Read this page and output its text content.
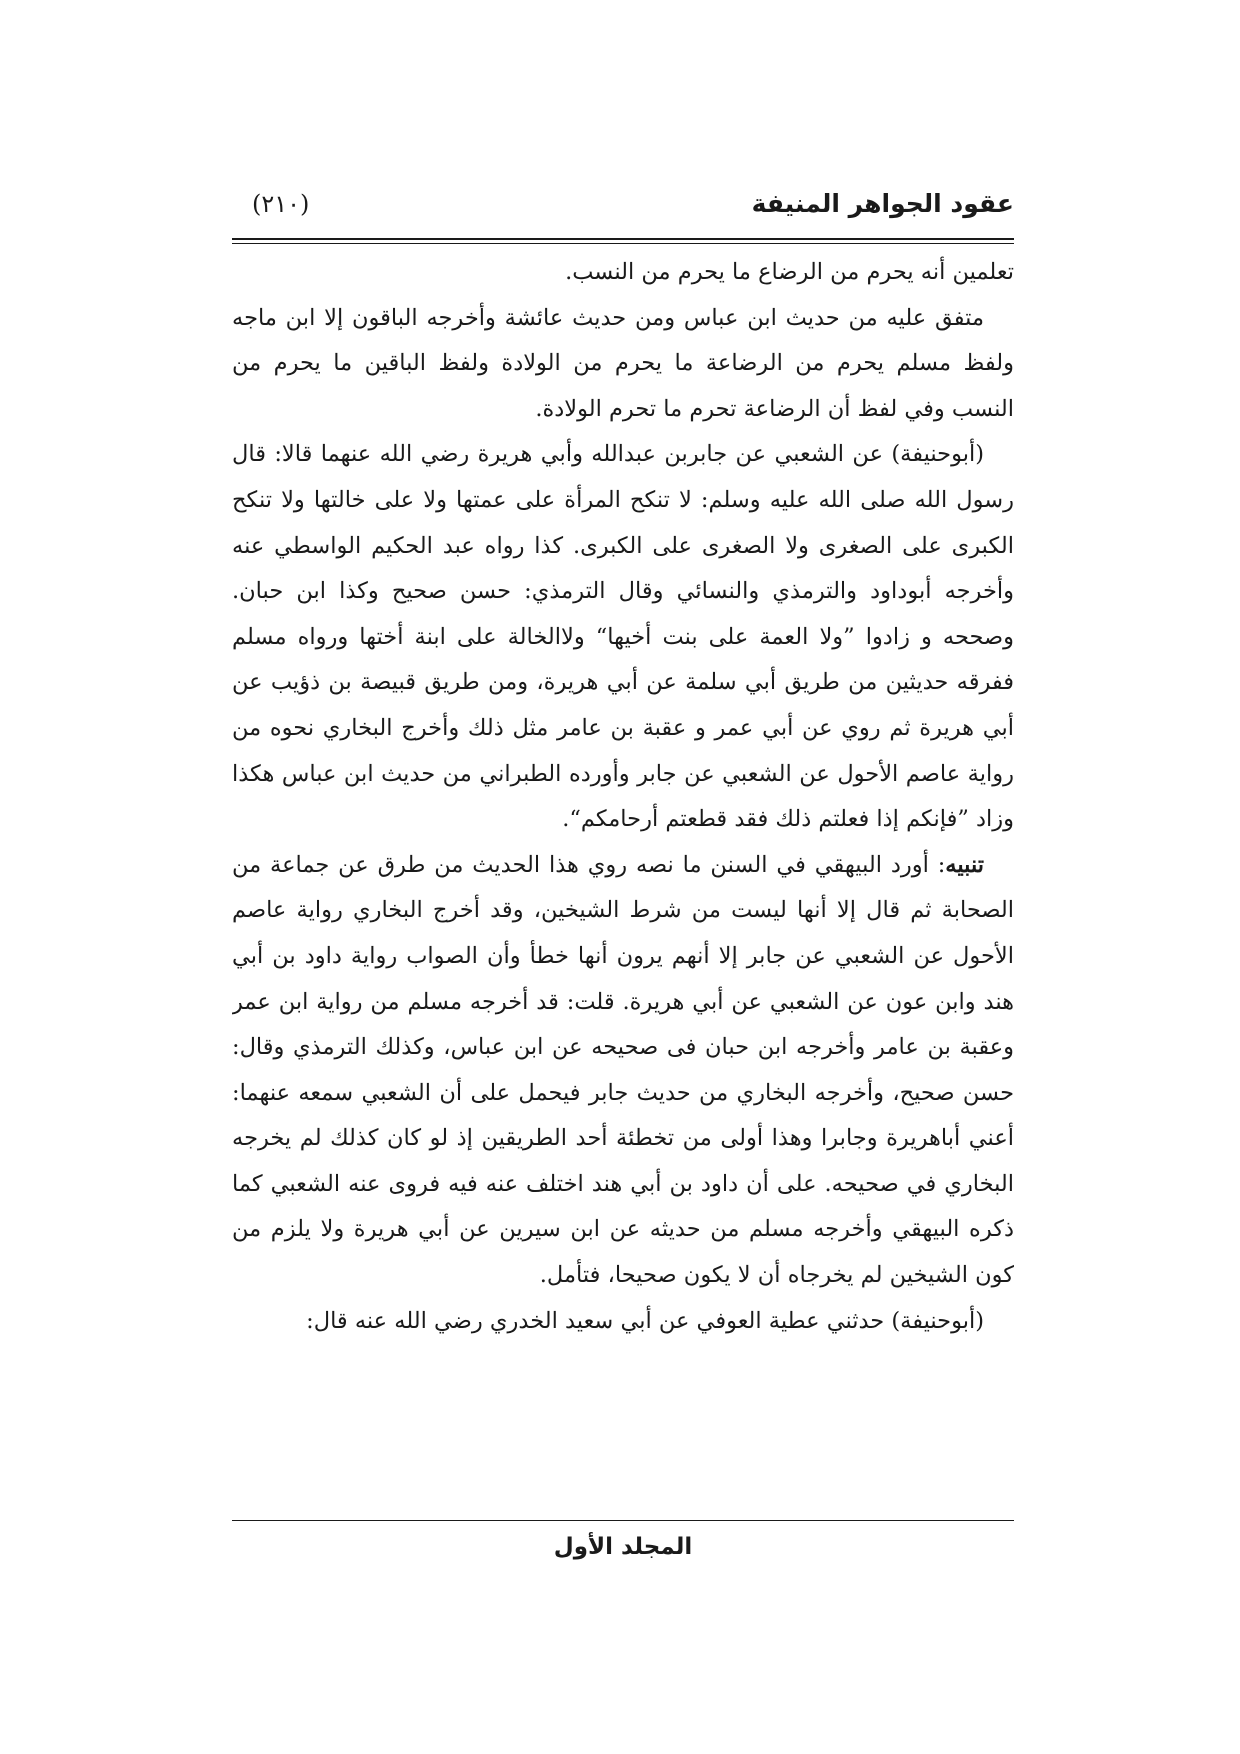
عقود الجواهر المنيفة
(٢١٠)

تعلمين أنه يحرم من الرضاع ما يحرم من النسب.

متفق عليه من حديث ابن عباس ومن حديث عائشة وأخرجه الباقون إلا ابن ماجه ولفظ مسلم يحرم من الرضاعة ما يحرم من الولادة ولفظ الباقين ما يحرم من النسب وفي لفظ أن الرضاعة تحرم ما تحرم الولادة.

(أبوحنيفة) عن الشعبي عن جابربن عبدالله وأبي هريرة رضي الله عنهما قالا: قال رسول الله صلى الله عليه وسلم: لا تنكح المرأة على عمتها ولا على خالتها ولا تنكح الكبرى على الصغرى ولا الصغرى على الكبرى. كذا رواه عبد الحكيم الواسطي عنه وأخرجه أبوداود والترمذي والنسائي وقال الترمذي: حسن صحيح وكذا ابن حبان. وصححه و زادوا ”ولا العمة على بنت أخيها“ ولاالخالة على ابنة أختها ورواه مسلم ففرقه حديثين من طريق أبي سلمة عن أبي هريرة، ومن طريق قبيصة بن ذؤيب عن أبي هريرة ثم روي عن أبي عمر و عقبة بن عامر مثل ذلك وأخرج البخاري نحوه من رواية عاصم الأحول عن الشعبي عن جابر وأورده الطبراني من حديث ابن عباس هكذا وزاد ”فإنكم إذا فعلتم ذلك فقد قطعتم أرحامكم“.

تنبيه: أورد البيهقي في السنن ما نصه روي هذا الحديث من طرق عن جماعة من الصحابة ثم قال إلا أنها ليست من شرط الشيخين، وقد أخرج البخاري رواية عاصم الأحول عن الشعبي عن جابر إلا أنهم يرون أنها خطأ وأن الصواب رواية داود بن أبي هند وابن عون عن الشعبي عن أبي هريرة. قلت: قد أخرجه مسلم من رواية ابن عمر وعقبة بن عامر وأخرجه ابن حبان فى صحيحه عن ابن عباس، وكذلك الترمذي وقال: حسن صحيح، وأخرجه البخاري من حديث جابر فيحمل على أن الشعبي سمعه عنهما: أعني أباهريرة وجابرا وهذا أولى من تخطئة أحد الطريقين إذ لو كان كذلك لم يخرجه البخاري في صحيحه. على أن داود بن أبي هند اختلف عنه فيه فروى عنه الشعبي كما ذكره البيهقي وأخرجه مسلم من حديثه عن ابن سيرين عن أبي هريرة ولا يلزم من كون الشيخين لم يخرجاه أن لا يكون صحيحا، فتأمل.

(أبوحنيفة) حدثني عطية العوفي عن أبي سعيد الخدري رضي الله عنه قال:

المجلد الأول
